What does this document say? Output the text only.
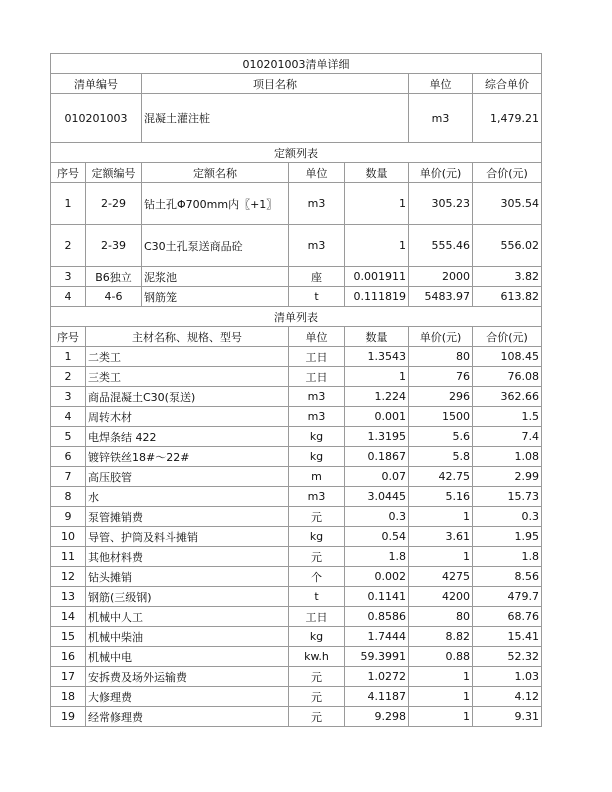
010201003清单详细						
清单编号		项目名称			单位	综合单价
010201003		混凝土灌注桩			m3	1,479.21
定额列表						
序号	定额编号	定额名称	单位	数量	单价(元)	合价(元)
1	2-29	钻土孔Φ700mm内〖+1〗	m3	1	305.23	305.54
2	2-39	C30土孔泵送商品砼	m3	1	555.46	556.02
3	B6独立	泥浆池	座	0.001911	2000	3.82
4	4-6	钢筋笼	t	0.111819	5483.97	613.82
清单列表						
序号	主材名称、规格、型号		单位	数量	单价(元)	合价(元)
1	二类工		工日	1.3543	80	108.45
2	三类工		工日	1	76	76.08
3	商品混凝土C30(泵送)		m3	1.224	296	362.66
4	周转木材		m3	0.001	1500	1.5
5	电焊条结 422		kg	1.3195	5.6	7.4
6	镀锌铁丝18#～22#		kg	0.1867	5.8	1.08
7	高压胶管		m	0.07	42.75	2.99
8	水		m3	3.0445	5.16	15.73
9	泵管摊销费		元	0.3	1	0.3
10	导管、护筒及料斗摊销		kg	0.54	3.61	1.95
11	其他材料费		元	1.8	1	1.8
12	钻头摊销		个	0.002	4275	8.56
13	钢筋(三级钢)		t	0.1141	4200	479.7
14	机械中人工		工日	0.8586	80	68.76
15	机械中柴油		kg	1.7444	8.82	15.41
16	机械中电		kw.h	59.3991	0.88	52.32
17	安拆费及场外运输费		元	1.0272	1	1.03
18	大修理费		元	4.1187	1	4.12
19	经常修理费		元	9.298	1	9.31
